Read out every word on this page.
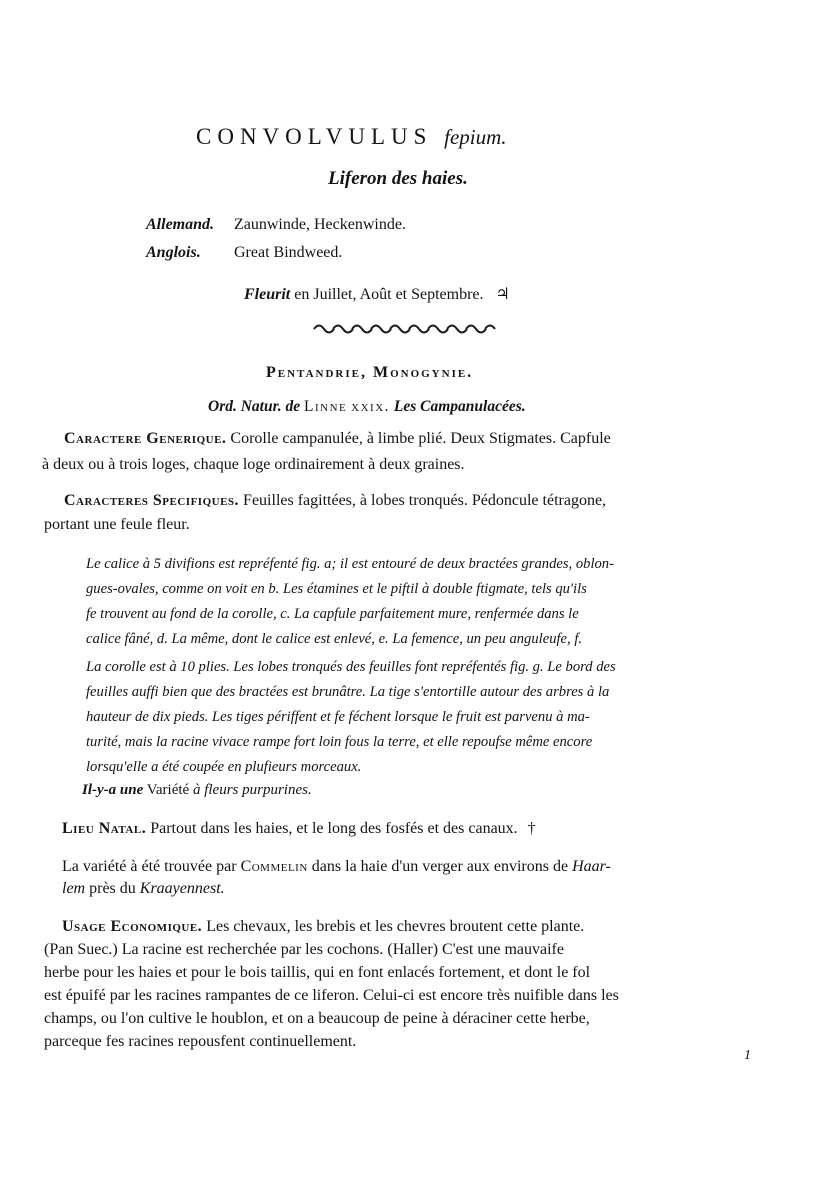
CONVOLVULUS fepium.
Liferon des haies.
Allemand. Zaunwinde, Heckenwinde.
Anglois. Great Bindweed.
Fleurit en Juillet, Août et Septembre. ♃
Pentandrie, Monogynie.
Ord. Natur. de Linne xxix. Les Campanulacées.
Caractere Generique. Corolle campanulée, à limbe plié. Deux Stigmates. Capfule
à deux ou à trois loges, chaque loge ordinairement à deux graines.
Caracteres Specifiques. Feuilles fagittées, à lobes tronqués. Pédoncule tétragone,
portant une feule fleur.
Le calice à 5 divifions est repréfenté fig. a; il est entouré de deux bractées grandes, oblon-
gues-ovales, comme on voit en b. Les étamines et le piftil à double ftigmate, tels qu'ils
fe trouvent au fond de la corolle, c. La capfule parfaitement mure, renfermée dans le
calice fâné, d. La même, dont le calice est enlevé, e. La femence, un peu anguleufe, f.
La corolle est à 10 plies. Les lobes tronqués des feuilles font repréfentés fig. g. Le bord des
feuilles auffi bien que des bractées est brunâtre. La tige s'entortille autour des arbres à la
hauteur de dix pieds. Les tiges périffent et fe féchent lorsque le fruit est parvenu à ma-
turité, mais la racine vivace rampe fort loin fous la terre, et elle repoufse même encore
lorsqu'elle a été coupée en plufieurs morceaux.
Il-y-a une Variété à fleurs purpurines.
Lieu Natal. Partout dans les haies, et le long des fosfés et des canaux. †
La variété à été trouvée par Commelin dans la haie d'un verger aux environs de Haar-
lem près du Kraayennest.
Usage Economique. Les chevaux, les brebis et les chevres broutent cette plante.
(Pan Suec.) La racine est recherchée par les cochons. (Haller) C'est une mauvaife
herbe pour les haies et pour le bois taillis, qui en font enlacés fortement, et dont le fol
est épuifé par les racines rampantes de ce liferon. Celui-ci est encore très nuifible dans les
champs, ou l'on cultive le houblon, et on a beaucoup de peine à déraciner cette herbe,
parceque fes racines repousfent continuellement.
1
